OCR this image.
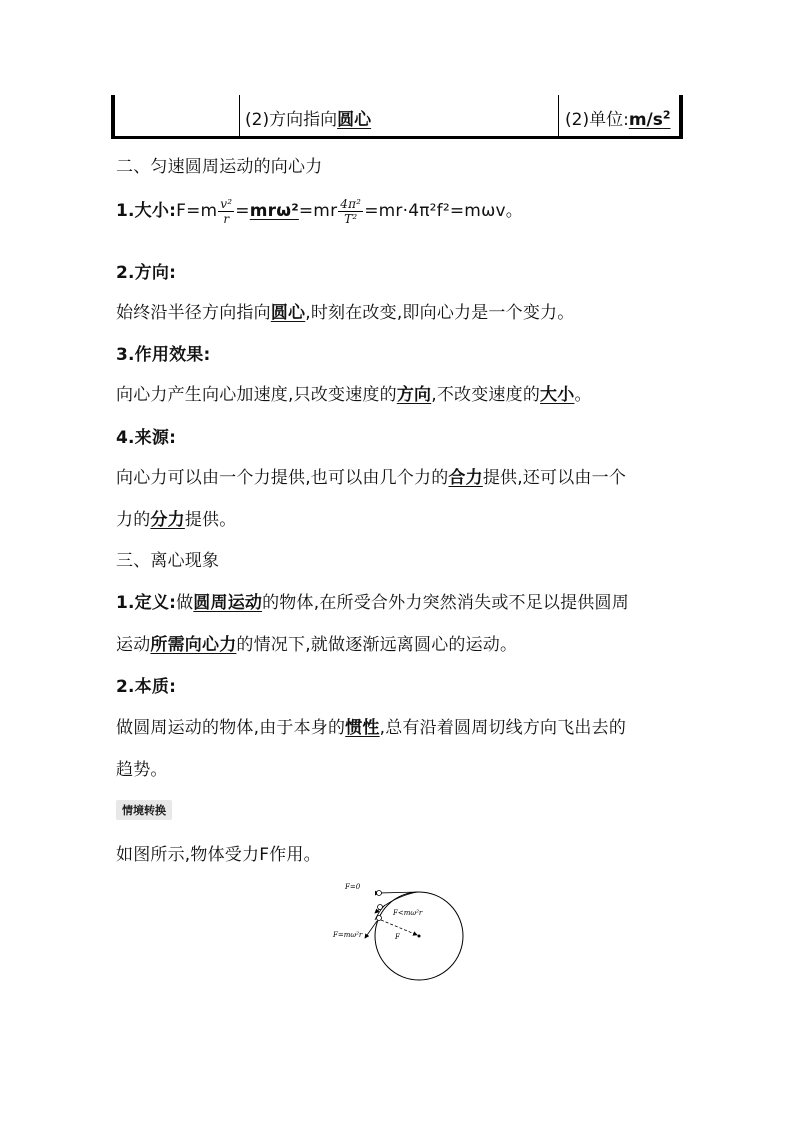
(2)方向指向圆心	(2)单位$:m/s^2$
二、匀速圆周运动的向心力
1.大小:F=m $\frac{\text{v²}}{r} =mr\omega^2=mr \frac{\text{4π²}}{\text{T²}} =mr\cdot 4\pi^2f^2=m\omega v$。
2.方向:
始终沿半径方向指向圆心,时刻在改变,即向心力是一个变力。
3.作用效果:
向心力产生向心加速度,只改变速度的方向,不改变速度的大小。
4.来源:
向心力可以由一个力提供,也可以由几个力的合力提供,还可以由一个
力的分力提供。
三、离心现象
1.定义:做圆周运动的物体,在所受合外力突然消失或不足以提供圆周
运动所需向心力的情况下,就做逐渐远离圆心的运动。
2.本质:
做圆周运动的物体,由于本身的惯性,总有沿着圆周切线方向飞出去的
趋势。
情境转换
如图所示,物体受力F作用。
F=0
F<mω²r
F=mω²r	F
